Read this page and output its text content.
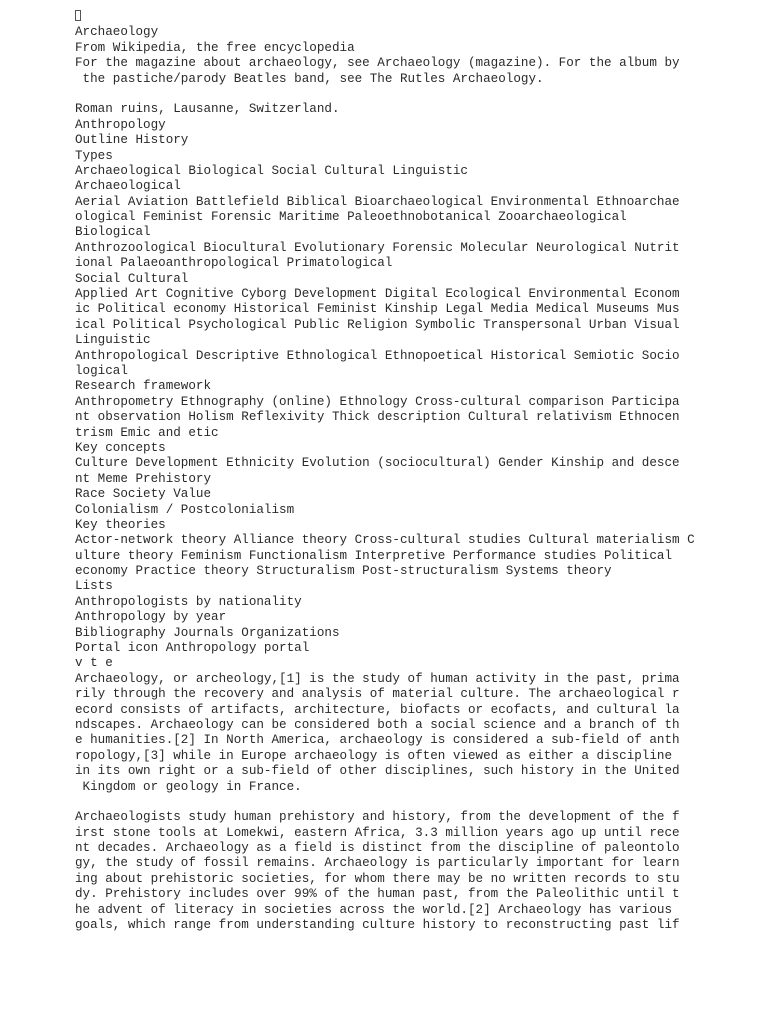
Archaeology
From Wikipedia, the free encyclopedia
For the magazine about archaeology, see Archaeology (magazine). For the album by
the pastiche/parody Beatles band, see The Rutles Archaeology.
Roman ruins, Lausanne, Switzerland.
Anthropology
Outline History
Types
Archaeological Biological Social Cultural Linguistic
Archaeological
Aerial Aviation Battlefield Biblical Bioarchaeological Environmental Ethnoarchae
ological Feminist Forensic Maritime Paleoethnobotanical Zooarchaeological
Biological
Anthrozoological Biocultural Evolutionary Forensic Molecular Neurological Nutrit
ional Palaeoanthropological Primatological
Social Cultural
Applied Art Cognitive Cyborg Development Digital Ecological Environmental Econom
ic Political economy Historical Feminist Kinship Legal Media Medical Museums Mus
ical Political Psychological Public Religion Symbolic Transpersonal Urban Visual
Linguistic
Anthropological Descriptive Ethnological Ethnopoetical Historical Semiotic Socio
logical
Research framework
Anthropometry Ethnography (online) Ethnology Cross-cultural comparison Participa
nt observation Holism Reflexivity Thick description Cultural relativism Ethnocen
trism Emic and etic
Key concepts
Culture Development Ethnicity Evolution (sociocultural) Gender Kinship and desce
nt Meme Prehistory
Race Society Value
Colonialism / Postcolonialism
Key theories
Actor-network theory Alliance theory Cross-cultural studies Cultural materialism C
ulture theory Feminism Functionalism Interpretive Performance studies Political
economy Practice theory Structuralism Post-structuralism Systems theory
Lists
Anthropologists by nationality
Anthropology by year
Bibliography Journals Organizations
Portal icon Anthropology portal
v t e
Archaeology, or archeology,[1] is the study of human activity in the past, prima
rily through the recovery and analysis of material culture. The archaeological r
ecord consists of artifacts, architecture, biofacts or ecofacts, and cultural la
ndscapes. Archaeology can be considered both a social science and a branch of th
e humanities.[2] In North America, archaeology is considered a sub-field of anth
ropology,[3] while in Europe archaeology is often viewed as either a discipline
in its own right or a sub-field of other disciplines, such history in the United
Kingdom or geology in France.
Archaeologists study human prehistory and history, from the development of the f
irst stone tools at Lomekwi, eastern Africa, 3.3 million years ago up until rece
nt decades. Archaeology as a field is distinct from the discipline of paleontolo
gy, the study of fossil remains. Archaeology is particularly important for learn
ing about prehistoric societies, for whom there may be no written records to stu
dy. Prehistory includes over 99% of the human past, from the Paleolithic until t
he advent of literacy in societies across the world.[2] Archaeology has various
goals, which range from understanding culture history to reconstructing past lif
